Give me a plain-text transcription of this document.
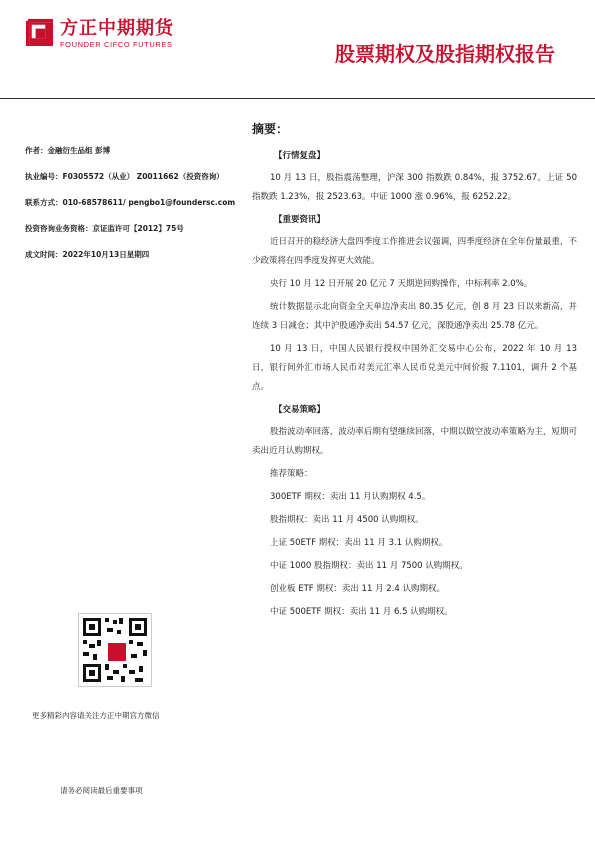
方正中期期货
FOUNDER CIFCO FUTURES	股票期权及股指期权报告
作者：金融衍生品组 彭博
执业编号：F0305572（从业） Z0011662（投资咨询）
联系方式：010-68578611/ pengbo1@foundersc.com
投资咨询业务资格：京证监许可【2012】75号
成文时间：2022年10月13日星期四
摘要：
【行情复盘】

10 月 13 日，股指震荡整理，沪深 300 指数跌 0.84%，报 3752.67。上证 50 指数跌 1.23%，报 2523.63。中证 1000 涨 0.96%，报 6252.22。

【重要资讯】

近日召开的稳经济大盘四季度工作推进会议强调，四季度经济在全年份量最重，不少政策将在四季度发挥更大效能。

央行 10 月 12 日开展 20 亿元 7 天期逆回购操作，中标利率 2.0%。

统计数据显示北向资金全天单边净卖出 80.35 亿元，创 8 月 23 日以来新高，并连续 3 日减仓；其中沪股通净卖出 54.57 亿元，深股通净卖出 25.78 亿元。

10 月 13 日，中国人民银行授权中国外汇交易中心公布，2022 年 10 月 13 日，银行间外汇市场人民币对美元汇率人民币兑美元中间价报 7.1101，调升 2 个基点。

【交易策略】

股指波动率回落，波动率后期有望继续回落，中期以做空波动率策略为主，短期可卖出近月认购期权。

推荐策略：

300ETF 期权：卖出 11 月认购期权 4.5。

股指期权：卖出 11 月 4500 认购期权。

上证 50ETF 期权：卖出 11 月 3.1 认购期权。

中证 1000 股指期权：卖出 11 月 7500 认购期权。

创业板 ETF 期权：卖出 11 月 2.4 认购期权。

中证 500ETF 期权：卖出 11 月 6.5 认购期权。

更多精彩内容请关注方正中期官方微信
请务必阅读最后重要事项
